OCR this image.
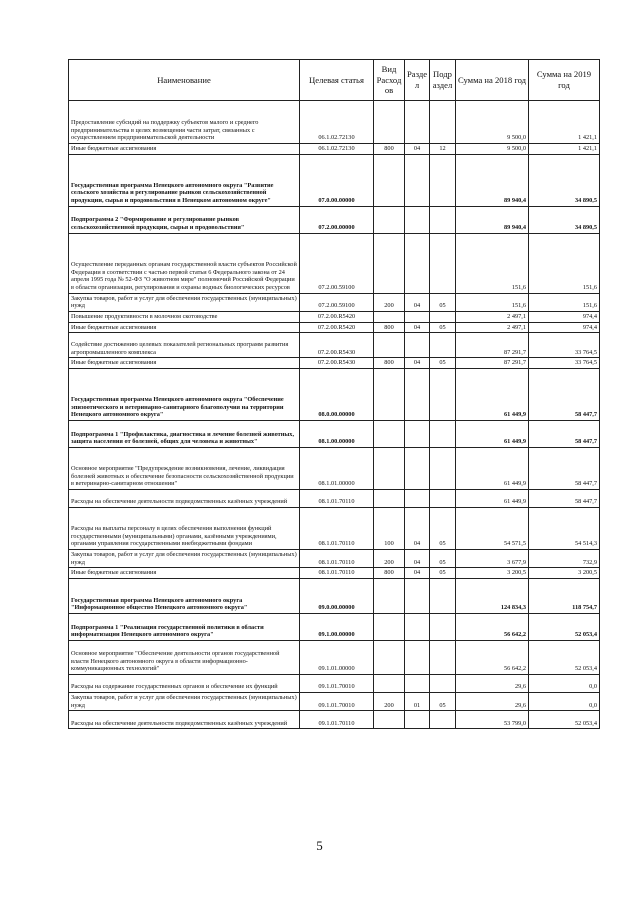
Наименование	Целевая статья	Вид Расход ов	Разде л	Подр аздел	Сумма на 2018 год	Сумма на 2019 год
Предоставление субсидий на поддержку субъектов малого и среднего предпринимательства в целях возмещения части затрат, связанных с осуществлением предпринимательской деятельности	06.1.02.72130				9 500,0	1 421,1
Иные бюджетные ассигнования	06.1.02.72130	800	04	12	9 500,0	1 421,1
Государственная программа Ненецкого автономного округа "Развитие сельского хозяйства и регулирование рынков сельскохозяйственной продукции, сырья и продовольствия в Ненецком автономном округе"	07.0.00.00000				89 940,4	34 890,5
Подпрограмма 2 "Формирование и регулирование рынков сельскохозяйственной продукции, сырья и продовольствия"	07.2.00.00000				89 940,4	34 890,5
Осуществление переданных органам государственной власти субъектов Российской Федерации в соответствии с частью первой статьи 6 Федерального закона от 24 апреля 1995 года № 52-ФЗ "О животном мире" полномочий Российской Федерации в области организации, регулирования и охраны водных биологических ресурсов	07.2.00.59100				151,6	151,6
Закупка товаров, работ и услуг для обеспечения государственных (муниципальных) нужд	07.2.00.59100	200	04	05	151,6	151,6
Повышение продуктивности в молочном скотоводстве	07.2.00.R5420				2 497,1	974,4
Иные бюджетные ассигнования	07.2.00.R5420	800	04	05	2 497,1	974,4
Содействие достижению целевых показателей региональных программ развития агропромышленного комплекса	07.2.00.R5430				87 291,7	33 764,5
Иные бюджетные ассигнования	07.2.00.R5430	800	04	05	87 291,7	33 764,5
Государственная программа Ненецкого автономного округа "Обеспечение эпизоотического и ветеринарно-санитарного благополучия на территории Ненецкого автономного округа"	08.0.00.00000				61 449,9	58 447,7
Подпрограмма 1 "Профилактика, диагностика и лечение болезней животных, защита населения от болезней, общих для человека и животных"	08.1.00.00000				61 449,9	58 447,7
Основное мероприятие "Предупреждение возникновения, лечение, ликвидация болезней животных и обеспечение безопасности сельскохозяйственной продукции в ветеринарно-санитарном отношении"	08.1.01.00000				61 449,9	58 447,7
Расходы на обеспечение деятельности подведомственных казённых учреждений	08.1.01.70110				61 449,9	58 447,7
Расходы на выплаты персоналу в целях обеспечения выполнения функций государственными (муниципальными) органами, казёнными учреждениями, органами управления государственными внебюджетными фондами	08.1.01.70110	100	04	05	54 571,5	54 514,3
Закупка товаров, работ и услуг для обеспечения государственных (муниципальных) нужд	08.1.01.70110	200	04	05	3 677,9	732,9
Иные бюджетные ассигнования	08.1.01.70110	800	04	05	3 200,5	3 200,5
Государственная программа Ненецкого автономного округа "Информационное общество Ненецкого автономного округа"	09.0.00.00000				124 834,3	118 754,7
Подпрограмма 1 "Реализация государственной политики в области информатизации Ненецкого автономного округа"	09.1.00.00000				56 642,2	52 053,4
Основное мероприятие "Обеспечение деятельности органов государственной власти Ненецкого автономного округа в области информационно-коммуникационных технологий"	09.1.01.00000				56 642,2	52 053,4
Расходы на содержание государственных органов и обеспечение их функций	09.1.01.70010				29,6	0,0
Закупка товаров, работ и услуг для обеспечения государственных (муниципальных) нужд	09.1.01.70010	200	01	05	29,6	0,0
Расходы на обеспечение деятельности подведомственных казённых учреждений	09.1.01.70110				53 799,0	52 053,4
5
